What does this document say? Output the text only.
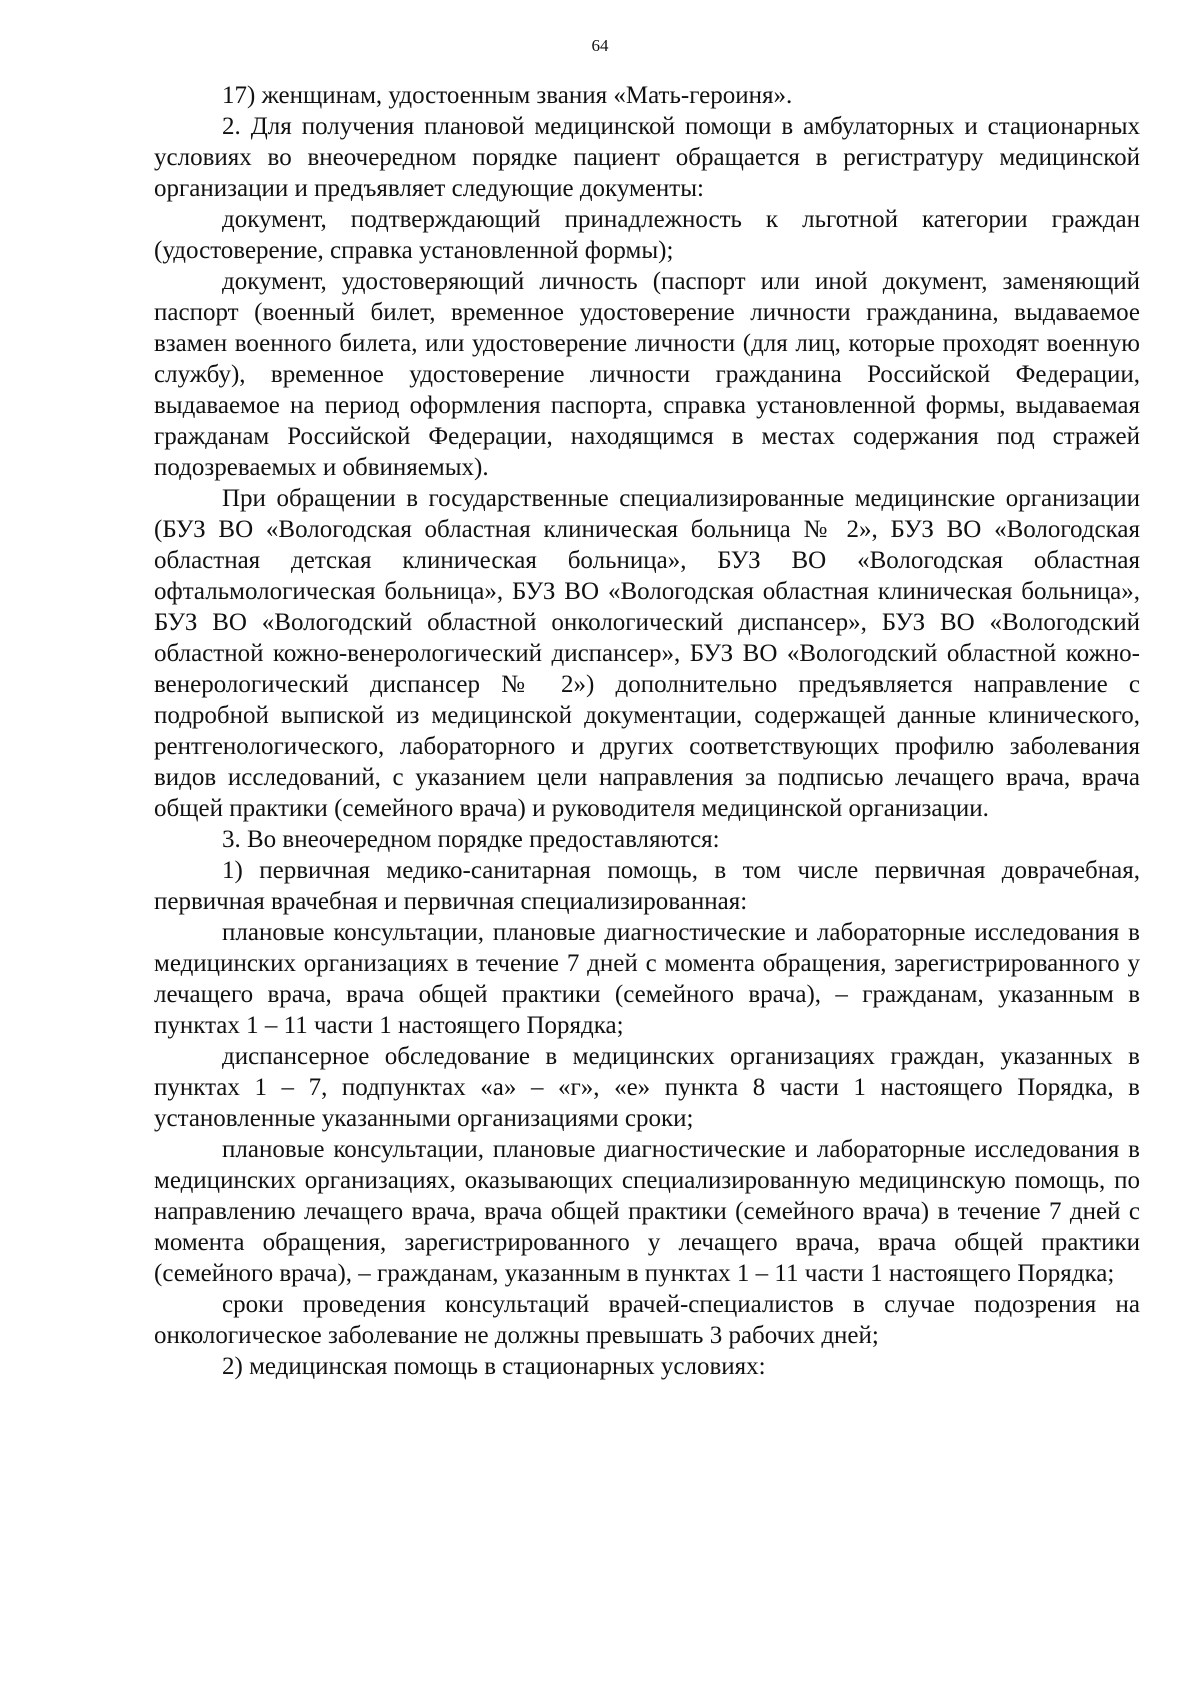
64

17) женщинам, удостоенным звания «Мать-героиня».

2. Для получения плановой медицинской помощи в амбулаторных и стационарных условиях во внеочередном порядке пациент обращается в регистратуру медицинской организации и предъявляет следующие документы:

документ, подтверждающий принадлежность к льготной категории граждан (удостоверение, справка установленной формы);

документ, удостоверяющий личность (паспорт или иной документ, заменяющий паспорт (военный билет, временное удостоверение личности гражданина, выдаваемое взамен военного билета, или удостоверение личности (для лиц, которые проходят военную службу), временное удостоверение личности гражданина Российской Федерации, выдаваемое на период оформления паспорта, справка установленной формы, выдаваемая гражданам Российской Федерации, находящимся в местах содержания под стражей подозреваемых и обвиняемых).

При обращении в государственные специализированные медицинские организации (БУЗ ВО «Вологодская областная клиническая больница № 2», БУЗ ВО «Вологодская областная детская клиническая больница», БУЗ ВО «Вологодская областная офтальмологическая больница», БУЗ ВО «Вологодская областная клиническая больница», БУЗ ВО «Вологодский областной онкологический диспансер», БУЗ ВО «Вологодский областной кожно-венерологический диспансер», БУЗ ВО «Вологодский областной кожно-венерологический диспансер № 2») дополнительно предъявляется направление с подробной выпиской из медицинской документации, содержащей данные клинического, рентгенологического, лабораторного и других соответствующих профилю заболевания видов исследований, с указанием цели направления за подписью лечащего врача, врача общей практики (семейного врача) и руководителя медицинской организации.

3. Во внеочередном порядке предоставляются:

1) первичная медико-санитарная помощь, в том числе первичная доврачебная, первичная врачебная и первичная специализированная:

плановые консультации, плановые диагностические и лабораторные исследования в медицинских организациях в течение 7 дней с момента обращения, зарегистрированного у лечащего врача, врача общей практики (семейного врача), – гражданам, указанным в пунктах 1 – 11 части 1 настоящего Порядка;

диспансерное обследование в медицинских организациях граждан, указанных в пунктах 1 – 7, подпунктах «а» – «г», «е» пункта 8 части 1 настоящего Порядка, в установленные указанными организациями сроки;

плановые консультации, плановые диагностические и лабораторные исследования в медицинских организациях, оказывающих специализированную медицинскую помощь, по направлению лечащего врача, врача общей практики (семейного врача) в течение 7 дней с момента обращения, зарегистрированного у лечащего врача, врача общей практики (семейного врача), – гражданам, указанным в пунктах 1 – 11 части 1 настоящего Порядка;

сроки проведения консультаций врачей-специалистов в случае подозрения на онкологическое заболевание не должны превышать 3 рабочих дней;

2) медицинская помощь в стационарных условиях:
